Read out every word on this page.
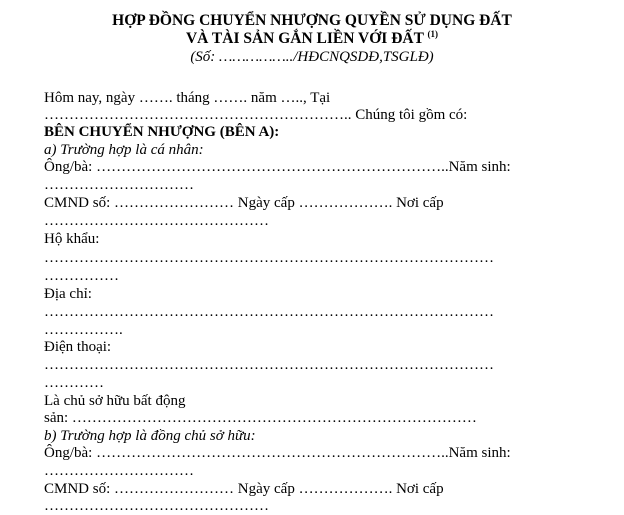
HỢP ĐỒNG CHUYỂN NHƯỢNG QUYỀN SỬ DỤNG ĐẤT
VÀ TÀI SẢN GẮN LIỀN VỚI ĐẤT $^{(1)}$
(Số: ……………../HĐCNQSDĐ,TSGLĐ)
Hôm nay, ngày ……. tháng ……. năm ….., Tại
…………………………………………………….. Chúng tôi gồm có:
BÊN CHUYỂN NHƯỢNG (BÊN A):
a) Trường hợp là cá nhân:
Ông/bà: ……………………………………………………………..Năm sinh:
…………………………
CMND số: …………………… Ngày cấp ………………. Nơi cấp
………………………………………
Hộ khẩu:
………………………………………………………………………………
……………
Địa chỉ:
………………………………………………………………………………
…………….
Điện thoại:
………………………………………………………………………………
…………
Là chủ sở hữu bất động
sản: ………………………………………………………………………
b) Trường hợp là đồng chủ sở hữu:
Ông/bà: ……………………………………………………………..Năm sinh:
…………………………
CMND số: …………………… Ngày cấp ………………. Nơi cấp
………………………………………
